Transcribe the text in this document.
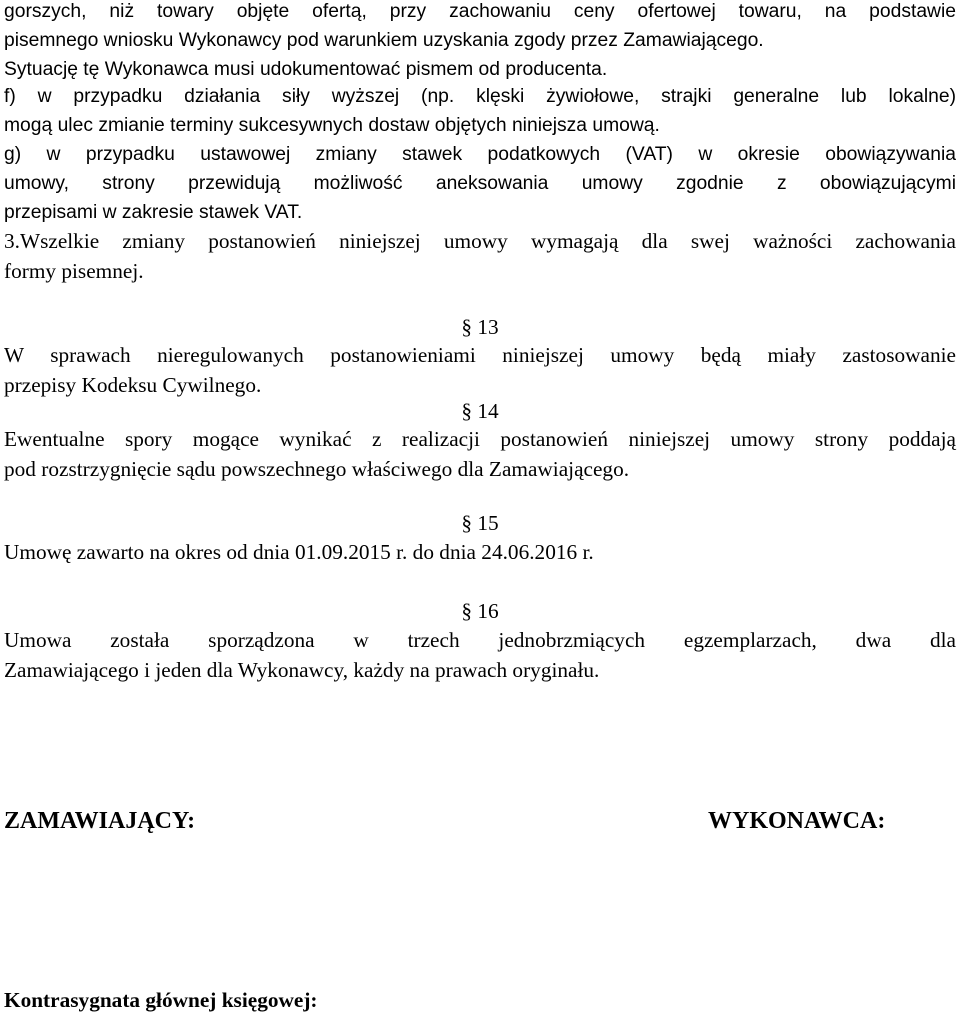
gorszych, niż towary objęte ofertą, przy zachowaniu ceny ofertowej towaru, na podstawie
pisemnego wniosku Wykonawcy pod warunkiem uzyskania zgody przez Zamawiającego.
Sytuację tę Wykonawca musi udokumentować pismem od producenta.
f) w przypadku działania siły wyższej (np. klęski żywiołowe, strajki generalne lub lokalne)
mogą ulec zmianie terminy sukcesywnych dostaw objętych niniejsza umową.
g) w przypadku ustawowej zmiany stawek podatkowych (VAT) w okresie obowiązywania
umowy, strony przewidują możliwość aneksowania umowy zgodnie z obowiązującymi
przepisami w zakresie stawek VAT.
3.Wszelkie zmiany postanowień niniejszej umowy wymagają dla swej ważności zachowania
formy pisemnej.
§ 13
W sprawach nieregulowanych postanowieniami niniejszej umowy będą miały zastosowanie
przepisy Kodeksu Cywilnego.
§ 14
Ewentualne spory mogące wynikać z realizacji postanowień niniejszej umowy strony poddają
pod rozstrzygnięcie sądu powszechnego właściwego dla Zamawiającego.
§ 15
Umowę zawarto na okres od dnia 01.09.2015 r. do dnia 24.06.2016 r.
§ 16
Umowa została sporządzona w trzech jednobrzmiących egzemplarzach, dwa dla
Zamawiającego i jeden dla Wykonawcy, każdy na prawach oryginału.
ZAMAWIAJĄCY:	WYKONAWCA:
Kontrasygnata głównej księgowej:
